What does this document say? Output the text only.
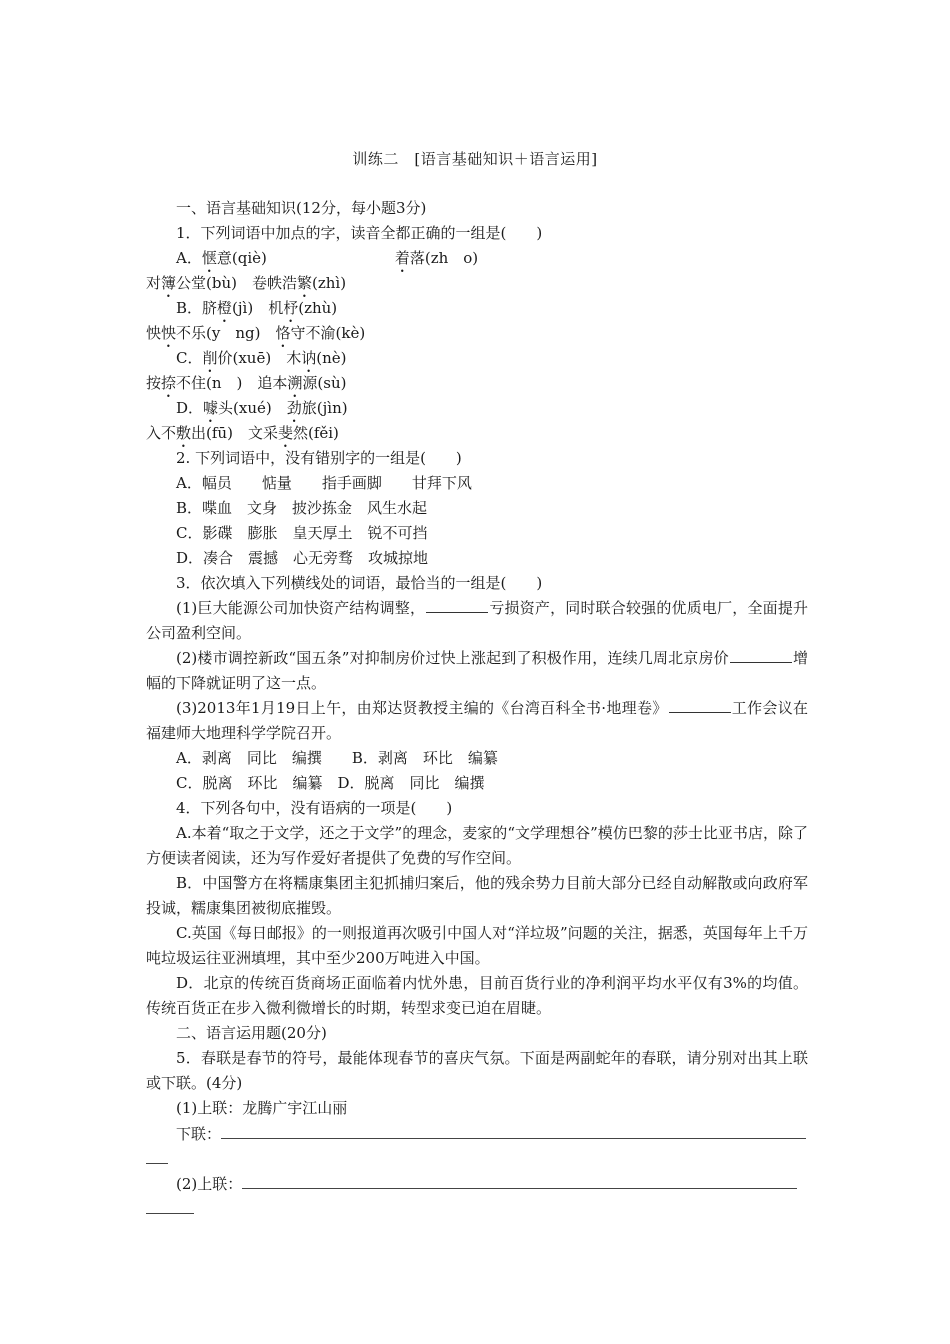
训练二　[语言基础知识＋语言运用]
一、语言基础知识(12分，每小题3分)
1．下列词语中加点的字，读音全都正确的一组是(　　)
A．惬意(qiè)	着落(zh　o)
对簿公堂(bù)　卷帙浩繁(zhì)
B．脐橙(jì)　机杼(zhù)
怏怏不乐(y　ng)　恪守不渝(kè)
C．削价(xuē)　木讷(nè)
按捺不住(n　)　追本溯源(sù)
D．噱头(xué)　劲旅(jìn)
入不敷出(fū)　文采斐然(fěi)
2. 下列词语中，没有错别字的一组是(　　)
A．幅员　　惦量　　指手画脚　　甘拜下风
B．喋血　文身　披沙拣金　风生水起
C．影碟　膨胀　皇天厚土　锐不可挡
D．凑合　震撼　心无旁骛　攻城掠地
3．依次填入下列横线处的词语，最恰当的一组是(　　)
(1)巨大能源公司加快资产结构调整，	亏损资产，同时联合较强的优质电厂，全面提升公司盈利空间。
(2)楼市调控新政“国五条”对抑制房价过快上涨起到了积极作用，连续几周北京房价	增幅的下降就证明了这一点。
(3)2013年1月19日上午，由郑达贤教授主编的《台湾百科全书·地理卷》	工作会议在福建师大地理科学学院召开。
A．剥离　同比　编撰　　B．剥离　环比　编纂
C．脱离　环比　编纂　D．脱离　同比　编撰
4．下列各句中，没有语病的一项是(　　)
A.本着“取之于文学，还之于文学”的理念，麦家的“文学理想谷”模仿巴黎的莎士比亚书店，除了方便读者阅读，还为写作爱好者提供了免费的写作空间。
B．中国警方在将糯康集团主犯抓捕归案后，他的残余势力目前大部分已经自动解散或向政府军投诚，糯康集团被彻底摧毁。
C.英国《每日邮报》的一则报道再次吸引中国人对“洋垃圾”问题的关注，据悉，英国每年上千万吨垃圾运往亚洲填埋，其中至少200万吨进入中国。
D．北京的传统百货商场正面临着内忧外患，目前百货行业的净利润平均水平仅有3%的均值。传统百货正在步入微利微增长的时期，转型求变已迫在眉睫。
二、语言运用题(20分)
5．春联是春节的符号，最能体现春节的喜庆气氛。下面是两副蛇年的春联，请分别对出其上联或下联。(4分)
(1)上联：龙腾广宇江山丽
下联：
(2)上联：
